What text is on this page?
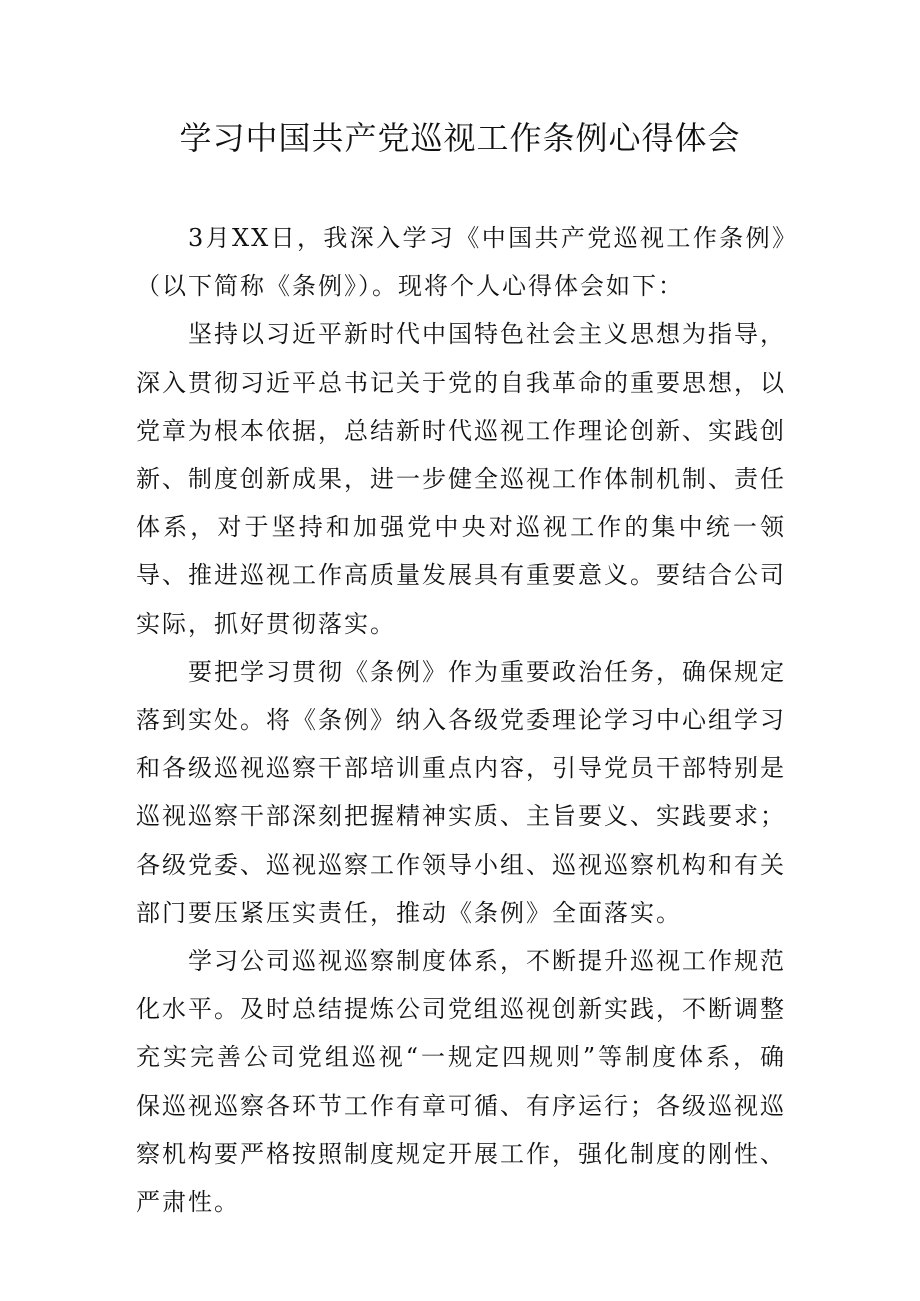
学习中国共产党巡视工作条例心得体会

3月XX日，我深入学习《中国共产党巡视工作条例》（以下简称《条例》）。现将个人心得体会如下：

坚持以习近平新时代中国特色社会主义思想为指导，深入贯彻习近平总书记关于党的自我革命的重要思想，以党章为根本依据，总结新时代巡视工作理论创新、实践创新、制度创新成果，进一步健全巡视工作体制机制、责任体系，对于坚持和加强党中央对巡视工作的集中统一领导、推进巡视工作高质量发展具有重要意义。要结合公司实际，抓好贯彻落实。

要把学习贯彻《条例》作为重要政治任务，确保规定落到实处。将《条例》纳入各级党委理论学习中心组学习和各级巡视巡察干部培训重点内容，引导党员干部特别是巡视巡察干部深刻把握精神实质、主旨要义、实践要求；各级党委、巡视巡察工作领导小组、巡视巡察机构和有关部门要压紧压实责任，推动《条例》全面落实。

学习公司巡视巡察制度体系，不断提升巡视工作规范化水平。及时总结提炼公司党组巡视创新实践，不断调整充实完善公司党组巡视“一规定四规则”等制度体系，确保巡视巡察各环节工作有章可循、有序运行；各级巡视巡察机构要严格按照制度规定开展工作，强化制度的刚性、严肃性。
